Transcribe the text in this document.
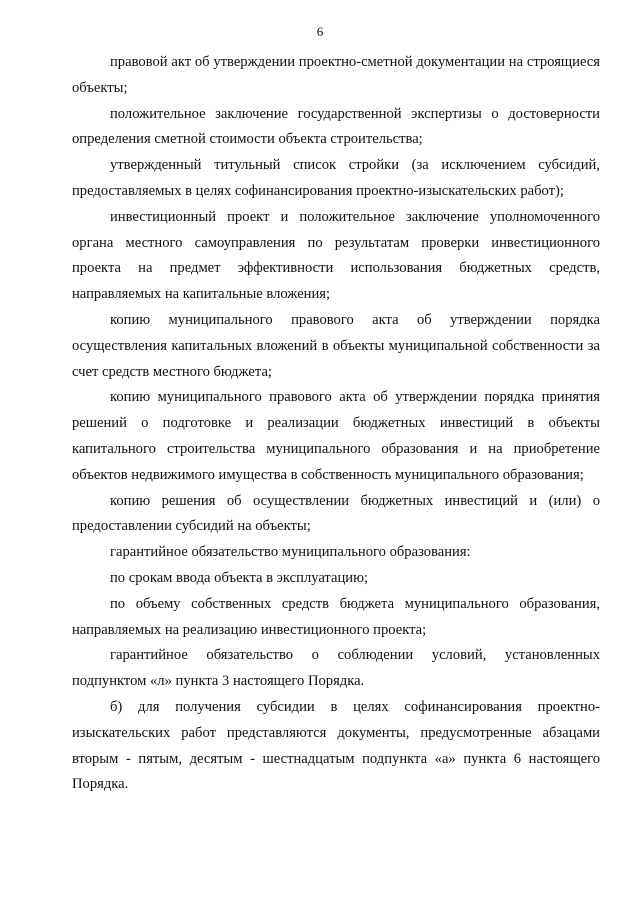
6

правовой акт об утверждении проектно-сметной документации на строящиеся объекты;

положительное заключение государственной экспертизы о достоверности определения сметной стоимости объекта строительства;

утвержденный титульный список стройки (за исключением субсидий, предоставляемых в целях софинансирования проектно-изыскательских работ);

инвестиционный проект и положительное заключение уполномоченного органа местного самоуправления по результатам проверки инвестиционного проекта на предмет эффективности использования бюджетных средств, направляемых на капитальные вложения;

копию муниципального правового акта об утверждении порядка осуществления капитальных вложений в объекты муниципальной собственности за счет средств местного бюджета;

копию муниципального правового акта об утверждении порядка принятия решений о подготовке и реализации бюджетных инвестиций в объекты капитального строительства муниципального образования и на приобретение объектов недвижимого имущества в собственность муниципального образования;

копию решения об осуществлении бюджетных инвестиций и (или) о предоставлении субсидий на объекты;

гарантийное обязательство муниципального образования:

по срокам ввода объекта в эксплуатацию;

по объему собственных средств бюджета муниципального образования, направляемых на реализацию инвестиционного проекта;

гарантийное обязательство о соблюдении условий, установленных подпунктом «л» пункта 3 настоящего Порядка.

б) для получения субсидии в целях софинансирования проектно-изыскательских работ представляются документы, предусмотренные абзацами вторым - пятым, десятым - шестнадцатым подпункта «а» пункта 6 настоящего Порядка.
